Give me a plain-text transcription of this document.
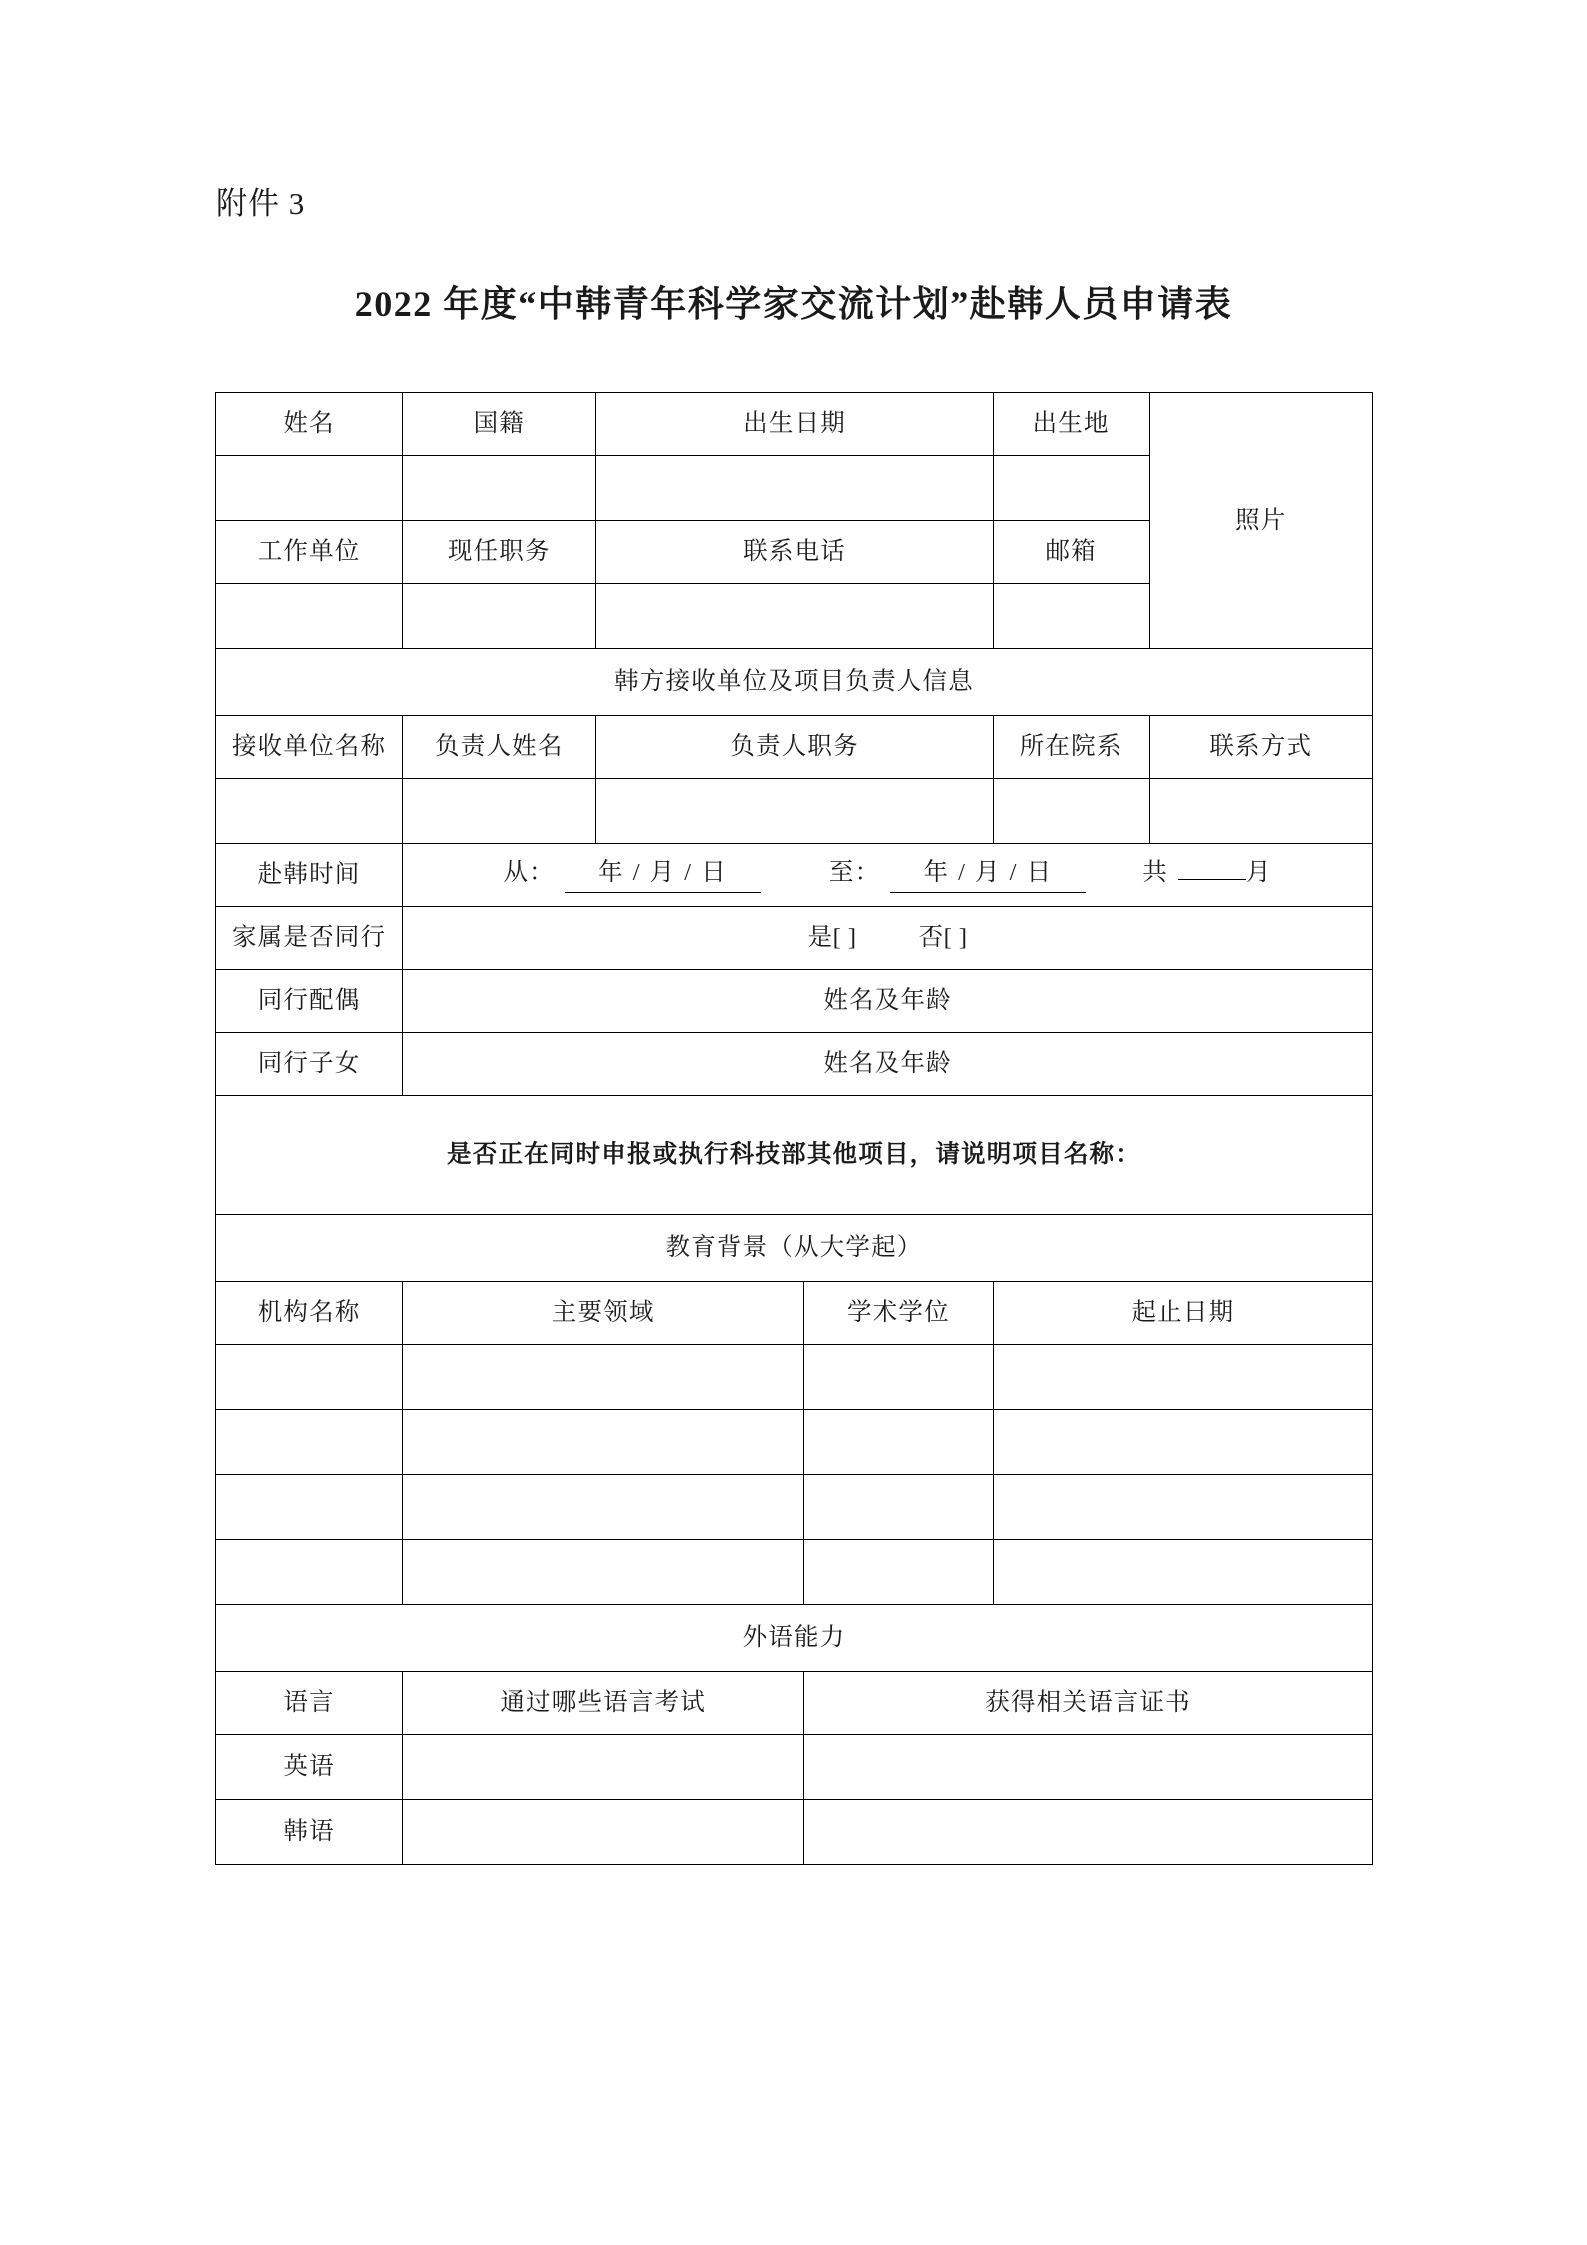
附件 3
2022 年度“中韩青年科学家交流计划”赴韩人员申请表
姓名	国籍	出生日期		出生地	照片

工作单位	现任职务	联系电话		邮箱	

韩方接收单位及项目负责人信息					
接收单位名称	负责人姓名	负责人职务		所在院系	联系方式

赴韩时间	从：	年 / 月 / 日	至：	年 / 月 / 日	共	月

家属是否同行	是[ ] 否[ ]				

同行配偶	姓名及年龄				
同行子女	姓名及年龄				
是否正在同时申报或执行科技部其他项目，请说明项目名称：					
教育背景（从大学起）					
机构名称	主要领域		学术学位	起止日期	

外语能力					
语言	通过哪些语言考试		获得相关语言证书		
英语					
韩语					
